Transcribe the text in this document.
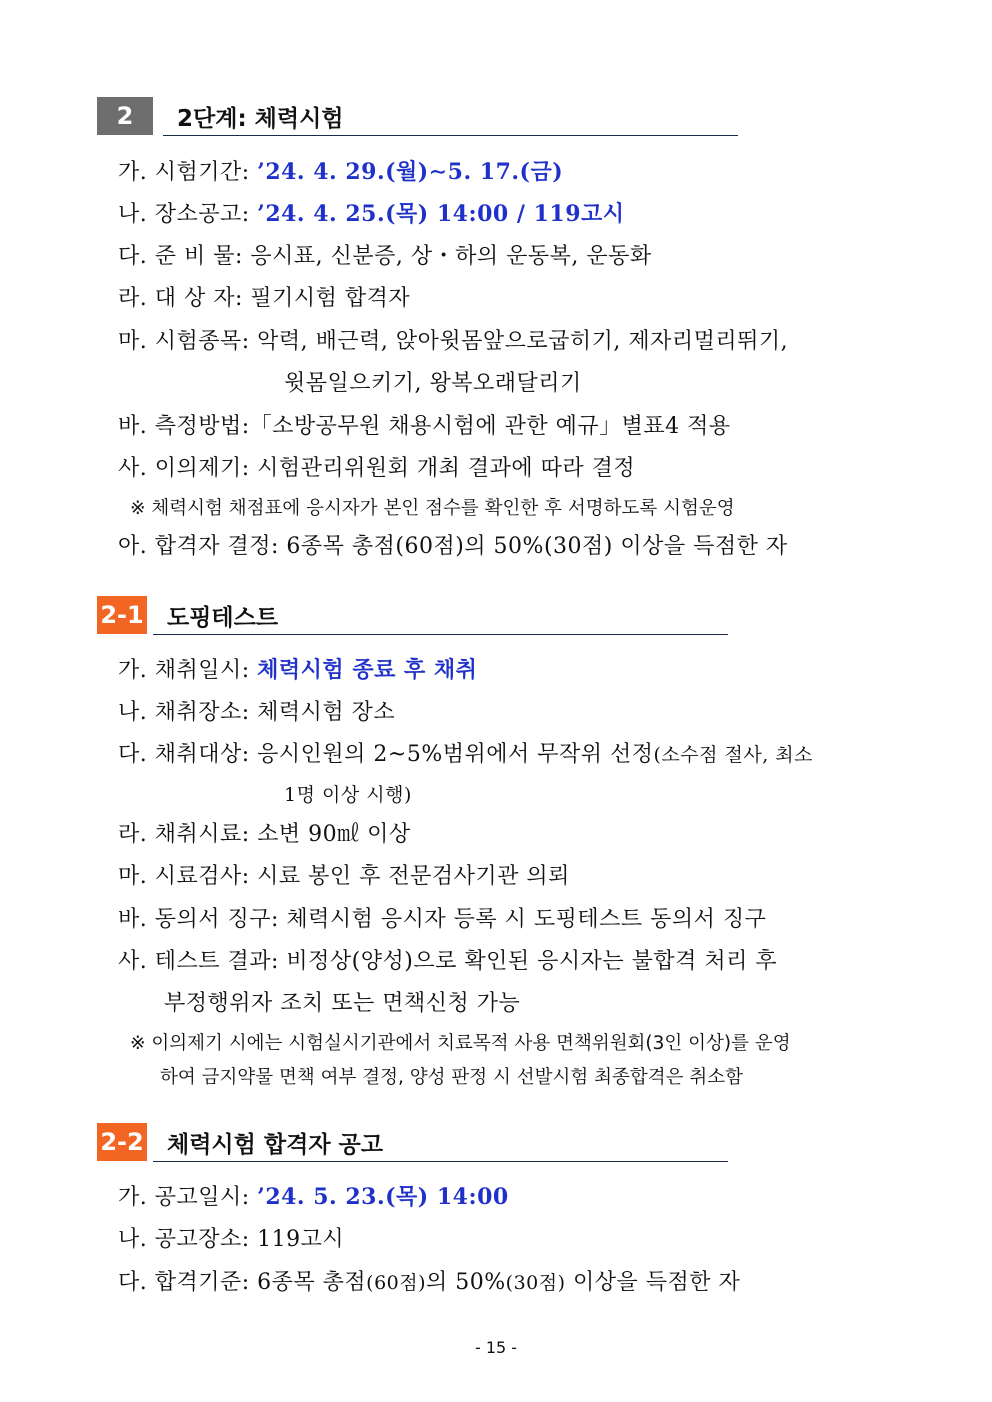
2	2단계: 체력시험
가. 시험기간: ’24. 4. 29.(월)∼5. 17.(금)
나. 장소공고: ’24. 4. 25.(목) 14:00 / 119고시
다. 준 비 물: 응시표, 신분증, 상・하의 운동복, 운동화
라. 대 상 자: 필기시험 합격자
마. 시험종목: 악력, 배근력, 앉아윗몸앞으로굽히기, 제자리멀리뛰기,
윗몸일으키기, 왕복오래달리기
바. 측정방법:「소방공무원 채용시험에 관한 예규」별표4 적용
사. 이의제기: 시험관리위원회 개최 결과에 따라 결정
※ 체력시험 채점표에 응시자가 본인 점수를 확인한 후 서명하도록 시험운영
아. 합격자 결정: 6종목 총점(60점)의 50%(30점) 이상을 득점한 자
2-1 도핑테스트
가. 채취일시: 체력시험 종료 후 채취
나. 채취장소: 체력시험 장소
다. 채취대상: 응시인원의 2~5%범위에서 무작위 선정(소수점 절사, 최소
1명 이상 시행)
라. 채취시료: 소변 90㎖ 이상
마. 시료검사: 시료 봉인 후 전문검사기관 의뢰
바. 동의서 징구: 체력시험 응시자 등록 시 도핑테스트 동의서 징구
사. 테스트 결과: 비정상(양성)으로 확인된 응시자는 불합격 처리 후
부정행위자 조치 또는 면책신청 가능
※ 이의제기 시에는 시험실시기관에서 치료목적 사용 면책위원회(3인 이상)를 운영
하여 금지약물 면책 여부 결정, 양성 판정 시 선발시험 최종합격은 취소함
2-2 체력시험 합격자 공고
가. 공고일시: ’24. 5. 23.(목) 14:00
나. 공고장소: 119고시
다. 합격기준: 6종목 총점(60점)의 50%(30점) 이상을 득점한 자
- 15 -
